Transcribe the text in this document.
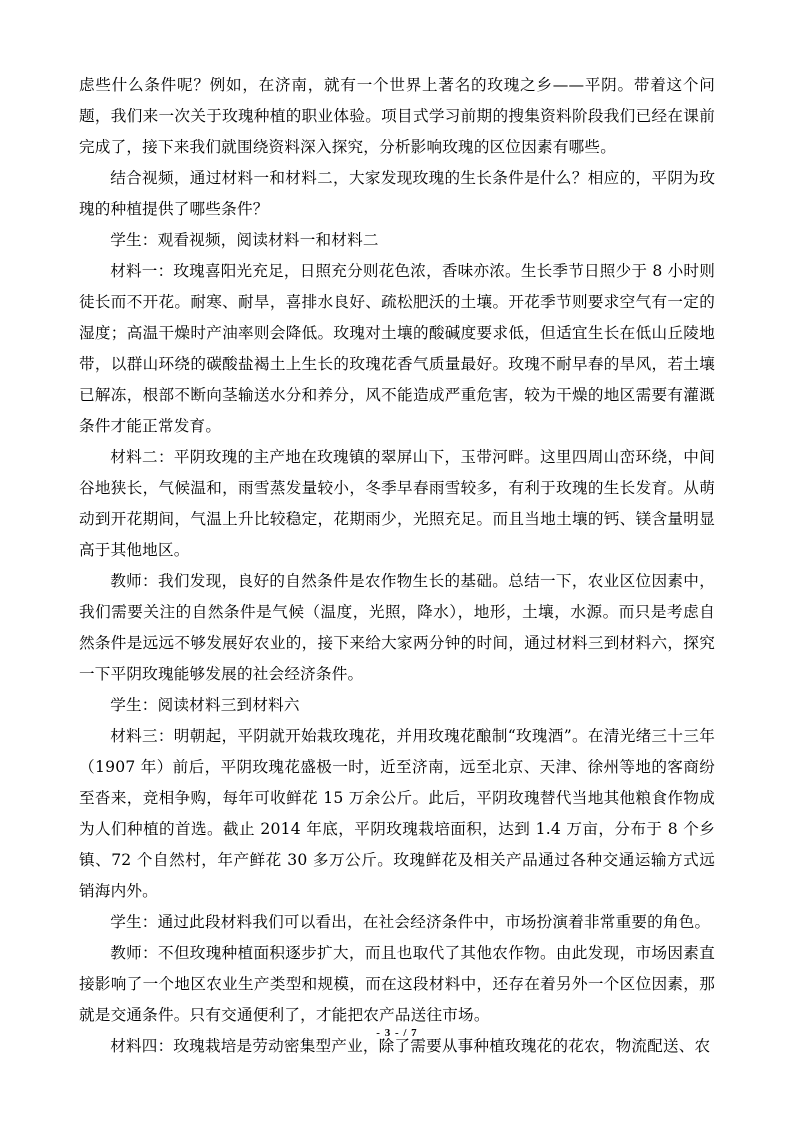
虑些什么条件呢？例如，在济南，就有一个世界上著名的玫瑰之乡——平阴。带着这个问题，我们来一次关于玫瑰种植的职业体验。项目式学习前期的搜集资料阶段我们已经在课前完成了，接下来我们就围绕资料深入探究，分析影响玫瑰的区位因素有哪些。

结合视频，通过材料一和材料二，大家发现玫瑰的生长条件是什么？相应的，平阴为玫瑰的种植提供了哪些条件？

学生：观看视频，阅读材料一和材料二

材料一：玫瑰喜阳光充足，日照充分则花色浓，香味亦浓。生长季节日照少于 8 小时则徒长而不开花。耐寒、耐旱，喜排水良好、疏松肥沃的土壤。开花季节则要求空气有一定的湿度；高温干燥时产油率则会降低。玫瑰对土壤的酸碱度要求低，但适宜生长在低山丘陵地带，以群山环绕的碳酸盐褐土上生长的玫瑰花香气质量最好。玫瑰不耐早春的旱风，若土壤已解冻，根部不断向茎输送水分和养分，风不能造成严重危害，较为干燥的地区需要有灌溉条件才能正常发育。

材料二：平阴玫瑰的主产地在玫瑰镇的翠屏山下，玉带河畔。这里四周山峦环绕，中间谷地狭长，气候温和，雨雪蒸发量较小，冬季早春雨雪较多，有利于玫瑰的生长发育。从萌动到开花期间，气温上升比较稳定，花期雨少，光照充足。而且当地土壤的钙、镁含量明显高于其他地区。

教师：我们发现，良好的自然条件是农作物生长的基础。总结一下，农业区位因素中，我们需要关注的自然条件是气候（温度，光照，降水），地形，土壤，水源。而只是考虑自然条件是远远不够发展好农业的，接下来给大家两分钟的时间，通过材料三到材料六，探究一下平阴玫瑰能够发展的社会经济条件。

学生：阅读材料三到材料六

材料三：明朝起，平阴就开始栽玫瑰花，并用玫瑰花酿制“玫瑰酒”。在清光绪三十三年（1907 年）前后，平阴玫瑰花盛极一时，近至济南，远至北京、天津、徐州等地的客商纷至沓来，竞相争购，每年可收鲜花 15 万余公斤。此后，平阴玫瑰替代当地其他粮食作物成为人们种植的首选。截止 2014 年底，平阴玫瑰栽培面积，达到 1.4 万亩，分布于 8 个乡镇、72 个自然村，年产鲜花 30 多万公斤。玫瑰鲜花及相关产品通过各种交通运输方式远销海内外。

学生：通过此段材料我们可以看出，在社会经济条件中，市场扮演着非常重要的角色。

教师：不但玫瑰种植面积逐步扩大，而且也取代了其他农作物。由此发现，市场因素直接影响了一个地区农业生产类型和规模，而在这段材料中，还存在着另外一个区位因素，那就是交通条件。只有交通便利了，才能把农产品送往市场。

材料四：玫瑰栽培是劳动密集型产业，除了需要从事种植玫瑰花的花农，物流配送、农

- 3 - / 7
